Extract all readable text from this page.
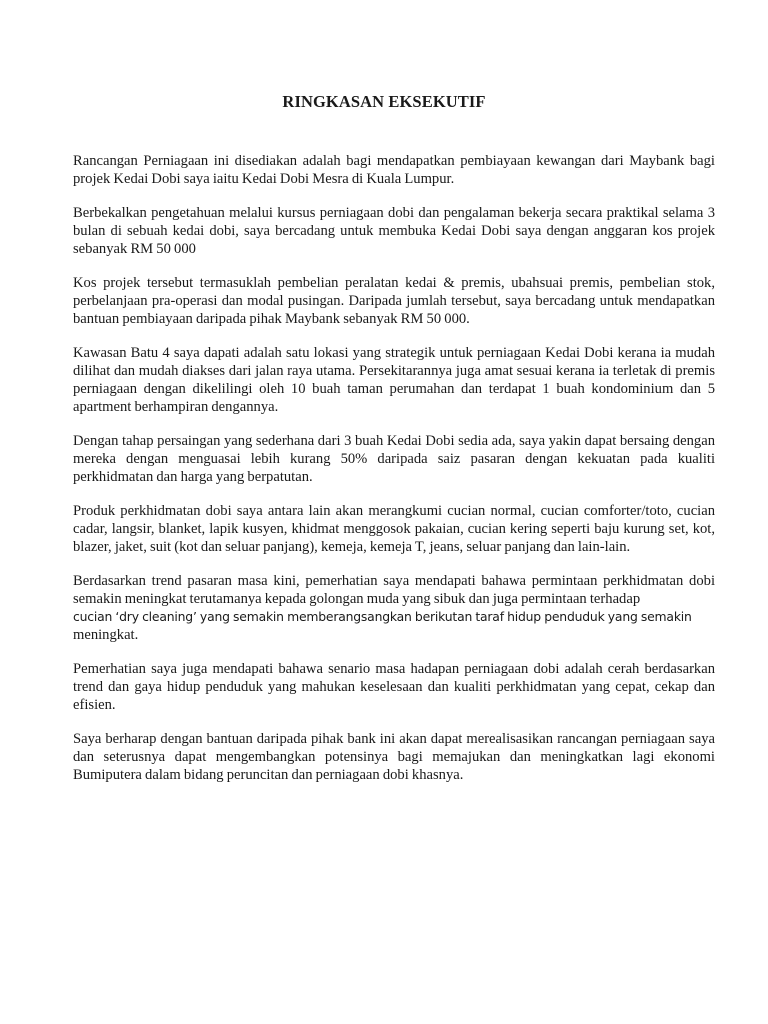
RINGKASAN EKSEKUTIF

Rancangan Perniagaan ini disediakan adalah bagi mendapatkan pembiayaan kewangan dari Maybank bagi projek Kedai Dobi saya iaitu Kedai Dobi Mesra di Kuala Lumpur.

Berbekalkan pengetahuan melalui kursus perniagaan dobi dan pengalaman bekerja secara praktikal selama 3 bulan di sebuah kedai dobi, saya bercadang untuk membuka Kedai Dobi saya dengan anggaran kos projek sebanyak RM 50 000

Kos projek tersebut termasuklah pembelian peralatan kedai & premis, ubahsuai premis, pembelian stok, perbelanjaan pra-operasi dan modal pusingan. Daripada jumlah tersebut, saya bercadang untuk mendapatkan bantuan pembiayaan daripada pihak Maybank sebanyak RM 50 000.

Kawasan Batu 4 saya dapati adalah satu lokasi yang strategik untuk perniagaan Kedai Dobi kerana ia mudah dilihat dan mudah diakses dari jalan raya utama. Persekitarannya juga amat sesuai kerana ia terletak di premis perniagaan dengan dikelilingi oleh 10 buah taman perumahan dan terdapat 1 buah kondominium dan 5 apartment berhampiran dengannya.

Dengan tahap persaingan yang sederhana dari 3 buah Kedai Dobi sedia ada, saya yakin dapat bersaing dengan mereka dengan menguasai lebih kurang 50% daripada saiz pasaran dengan kekuatan pada kualiti perkhidmatan dan harga yang berpatutan.

Produk perkhidmatan dobi saya antara lain akan merangkumi cucian normal, cucian comforter/toto, cucian cadar, langsir, blanket, lapik kusyen, khidmat menggosok pakaian, cucian kering seperti baju kurung set, kot, blazer, jaket, suit (kot dan seluar panjang), kemeja, kemeja T, jeans, seluar panjang dan lain-lain.

Berdasarkan trend pasaran masa kini, pemerhatian saya mendapati bahawa permintaan perkhidmatan dobi semakin meningkat terutamanya kepada golongan muda yang sibuk dan juga permintaan terhadap
cucian ‘dry cleaning’ yang semakin memberangsangkan berikutan taraf hidup penduduk yang semakin
meningkat.

Pemerhatian saya juga mendapati bahawa senario masa hadapan perniagaan dobi adalah cerah berdasarkan trend dan gaya hidup penduduk yang mahukan keselesaan dan kualiti perkhidmatan yang cepat, cekap dan efisien.

Saya berharap dengan bantuan daripada pihak bank ini akan dapat merealisasikan rancangan perniagaan saya dan seterusnya dapat mengembangkan potensinya bagi memajukan dan meningkatkan lagi ekonomi Bumiputera dalam bidang peruncitan dan perniagaan dobi khasnya.
